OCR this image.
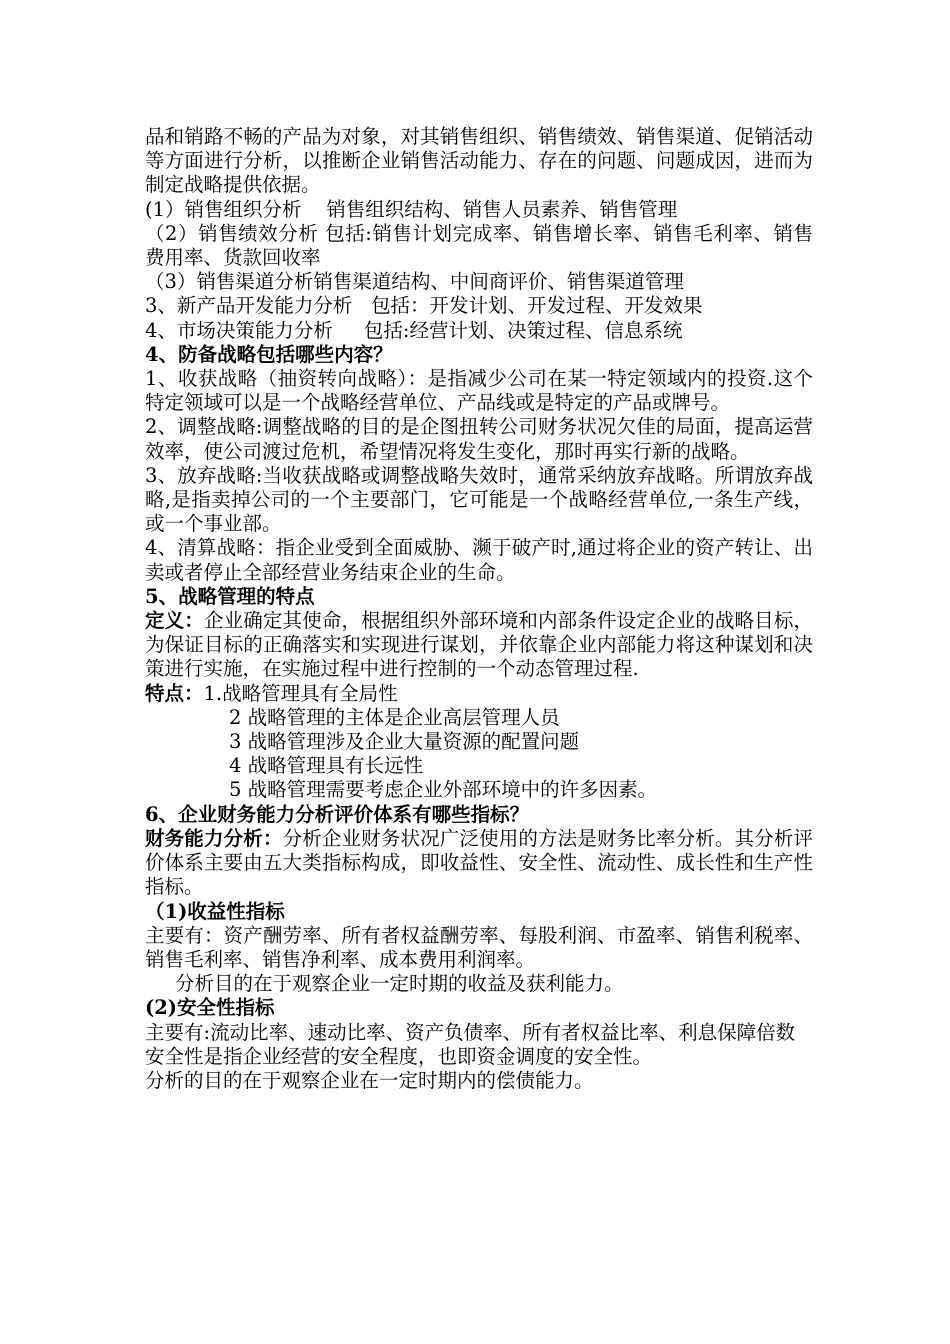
品和销路不畅的产品为对象，对其销售组织、销售绩效、销售渠道、促销活动等方面进行分析，以推断企业销售活动能力、存在的问题、问题成因，进而为制定战略提供依据。

(1）销售组织分析    销售组织结构、销售人员素养、销售管理

（2）销售绩效分析 包括:销售计划完成率、销售增长率、销售毛利率、销售费用率、货款回收率

（3）销售渠道分析销售渠道结构、中间商评价、销售渠道管理

3、新产品开发能力分析   包括：开发计划、开发过程、开发效果

4、市场决策能力分析     包括:经营计划、决策过程、信息系统

4、防备战略包括哪些内容？

1、收获战略（抽资转向战略）：是指减少公司在某一特定领域内的投资.这个特定领域可以是一个战略经营单位、产品线或是特定的产品或牌号。

2、调整战略:调整战略的目的是企图扭转公司财务状况欠佳的局面，提高运营效率，使公司渡过危机，希望情况将发生变化，那时再实行新的战略。

3、放弃战略:当收获战略或调整战略失效时，通常采纳放弃战略。所谓放弃战略,是指卖掉公司的一个主要部门，它可能是一个战略经营单位,一条生产线，或一个事业部。

4、清算战略：指企业受到全面威胁、濒于破产时,通过将企业的资产转让、出卖或者停止全部经营业务结束企业的生命。

5、战略管理的特点

定义：企业确定其使命，根据组织外部环境和内部条件设定企业的战略目标，为保证目标的正确落实和实现进行谋划，并依靠企业内部能力将这种谋划和决策进行实施，在实施过程中进行控制的一个动态管理过程.

特点：1.战略管理具有全局性

2 战略管理的主体是企业高层管理人员

3 战略管理涉及企业大量资源的配置问题

4 战略管理具有长远性

5 战略管理需要考虑企业外部环境中的许多因素。

6、企业财务能力分析评价体系有哪些指标？

财务能力分析：分析企业财务状况广泛使用的方法是财务比率分析。其分析评价体系主要由五大类指标构成，即收益性、安全性、流动性、成长性和生产性指标。

（1)收益性指标

主要有：资产酬劳率、所有者权益酬劳率、每股利润、市盈率、销售利税率、销售毛利率、销售净利率、成本费用利润率。

分析目的在于观察企业一定时期的收益及获利能力。

(2)安全性指标

主要有:流动比率、速动比率、资产负债率、所有者权益比率、利息保障倍数

安全性是指企业经营的安全程度，也即资金调度的安全性。

分析的目的在于观察企业在一定时期内的偿债能力。
